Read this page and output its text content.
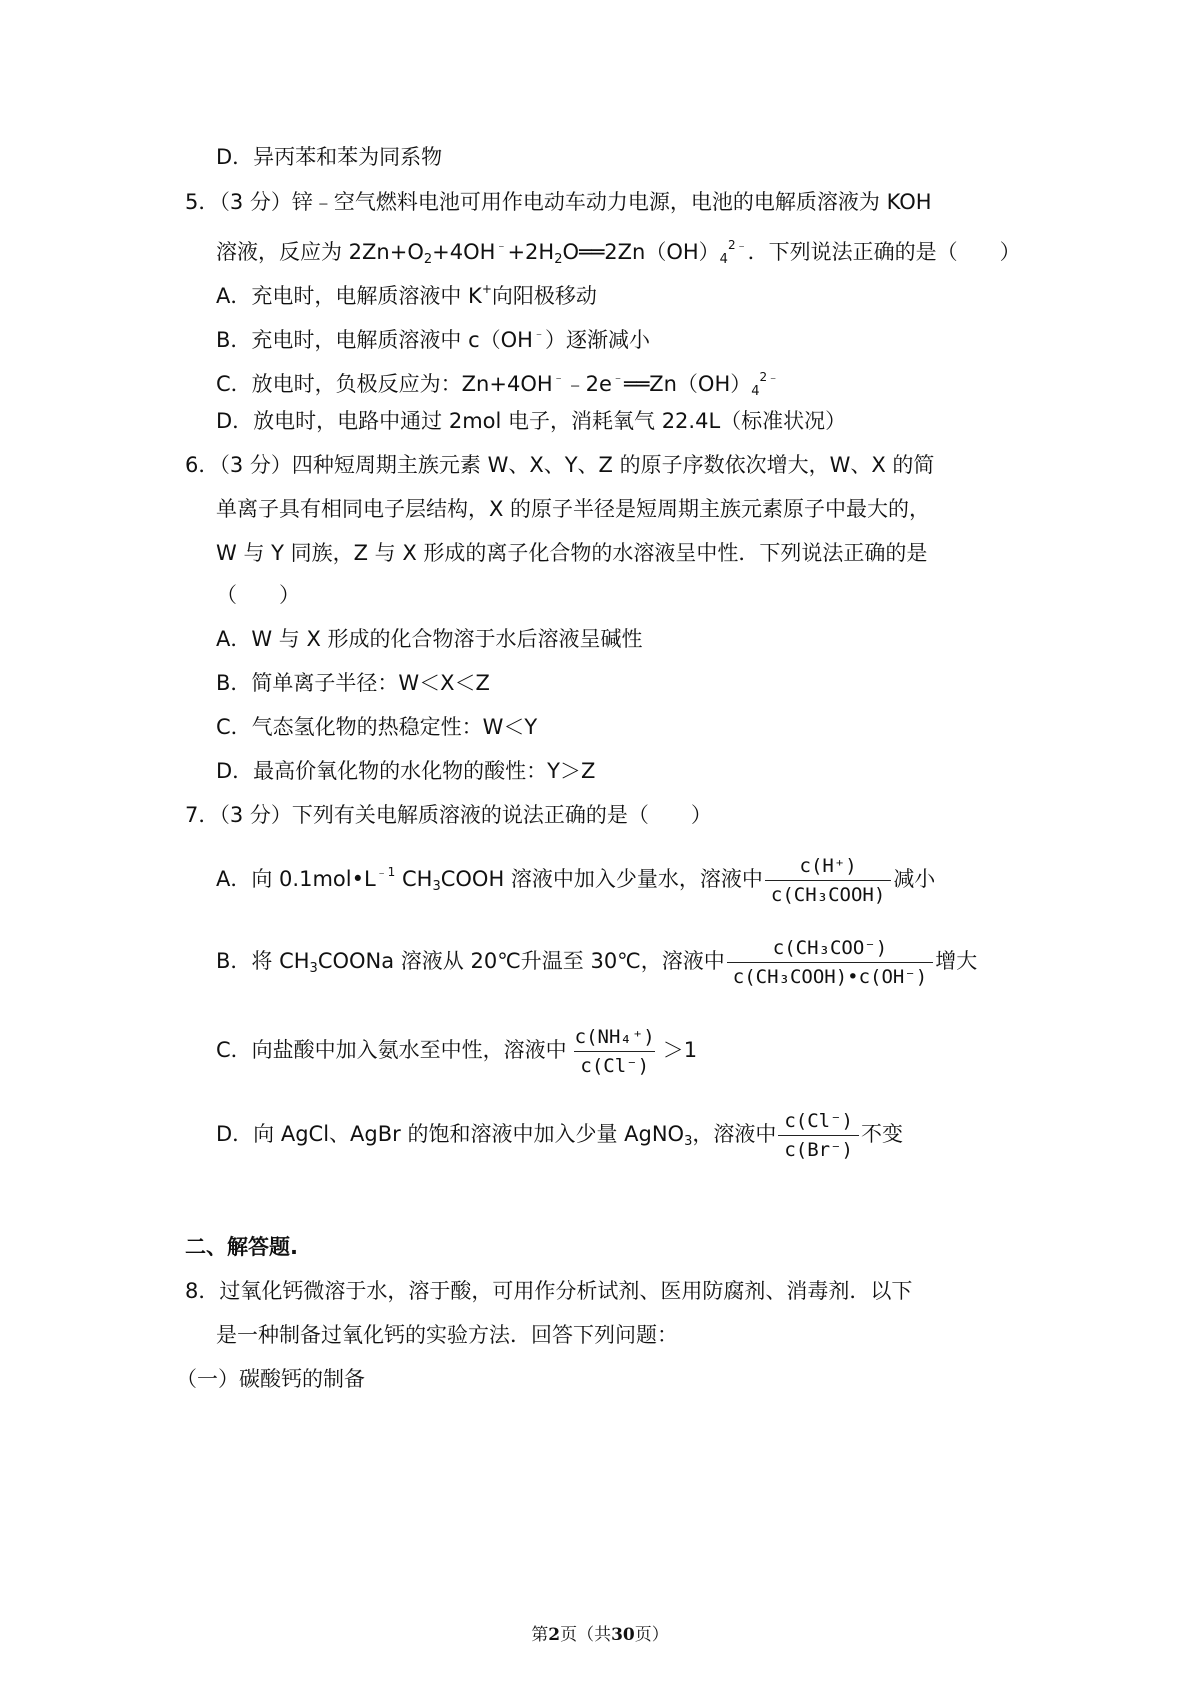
D．异丙苯和苯为同系物
5．（3 分）锌﹣空气燃料电池可用作电动车动力电源，电池的电解质溶液为 KOH
溶液，反应为 $2Zn+O_2+4OH^﹣+2H_2O══2Zn(OH)_4^{2﹣}$．下列说法正确的是（　　）
A．充电时，电解质溶液中 K+向阳极移动
B．充电时，电解质溶液中 c（OH﹣）逐渐减小
C．放电时，负极反应为：$Zn+4OH^﹣﹣2e^﹣══Zn(OH)_4^{2﹣}$
D．放电时，电路中通过 2mol 电子，消耗氧气 22.4L（标准状况）
6．（3 分）四种短周期主族元素 W、X、Y、Z 的原子序数依次增大，W、X 的简
单离子具有相同电子层结构，X 的原子半径是短周期主族元素原子中最大的，
W 与 Y 同族，Z 与 X 形成的离子化合物的水溶液呈中性．下列说法正确的是
（　　）
A．W 与 X 形成的化合物溶于水后溶液呈碱性
B．简单离子半径：W＜X＜Z
C．气态氢化物的热稳定性：W＜Y
D．最高价氧化物的水化物的酸性：Y＞Z
7．（3 分）下列有关电解质溶液的说法正确的是（　　）
A．向 $0.1mol•L^{﹣1}$ $CH_3COOH$ 溶液中加入少量水，溶液中 $\frac{c(H^+)}{\text{c(CH₃COOH)}}$ 减小
B．将 $CH_3COONa$ 溶液从 20℃升温至 30℃，溶液中 $\frac{\text{c(CH₃COO⁻)}}{\text{c(CH₃COOH)•c(OH⁻)}}$ 增大
C．向盐酸中加入氨水至中性，溶液中 $\frac{\text{c(NH₄⁺)}}{c(Cl^-)} >1$
D．向 AgCl、AgBr 的饱和溶液中加入少量 AgNO$_3$，溶液中 $\frac{c(Cl^-)}{c(Br^-)}$ 不变
二、解答题.
8．过氧化钙微溶于水，溶于酸，可用作分析试剂、医用防腐剂、消毒剂．以下
是一种制备过氧化钙的实验方法．回答下列问题：
（一）碳酸钙的制备
第2页（共30页）
